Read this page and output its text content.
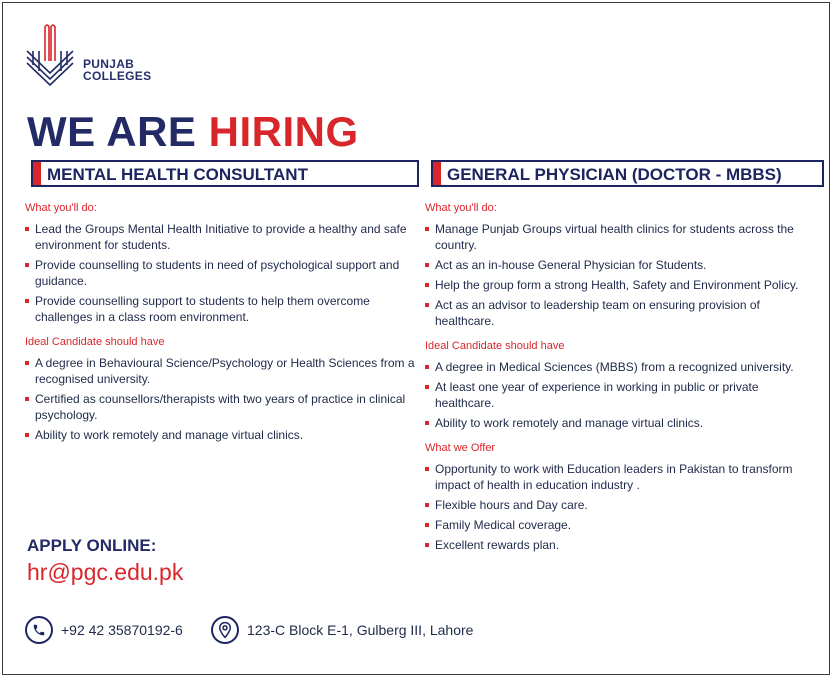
PUNJAB
COLLEGES
WE ARE HIRING
MENTAL HEALTH CONSULTANT	GENERAL PHYSICIAN (DOCTOR - MBBS)
What you'll do:
Lead the Groups Mental Health Initiative to provide a healthy and safe environment for students.
Provide counselling to students in need of psychological support and guidance.
Provide counselling support to students to help them overcome challenges in a class room environment.
Ideal Candidate should have
A degree in Behavioural Science/Psychology or Health Sciences from a recognised university.
Certified as counsellors/therapists with two years of practice in clinical psychology.
Ability to work remotely and manage virtual clinics.
What you'll do:
Manage Punjab Groups virtual health clinics for students across the country.
Act as an in-house General Physician for Students.
Help the group form a strong Health, Safety and Environment Policy.
Act as an advisor to leadership team on ensuring provision of healthcare.
Ideal Candidate should have
A degree in Medical Sciences (MBBS) from a recognized university.
At least one year of experience in working in public or private healthcare.
Ability to work remotely and manage virtual clinics.
What we Offer
Opportunity to work with Education leaders in Pakistan to transform impact of health in education industry .
Flexible hours and Day care.
Family Medical coverage.
Excellent rewards plan.
APPLY ONLINE:
hr@pgc.edu.pk
+92 42 35870192-6	123-C Block E-1, Gulberg III, Lahore
